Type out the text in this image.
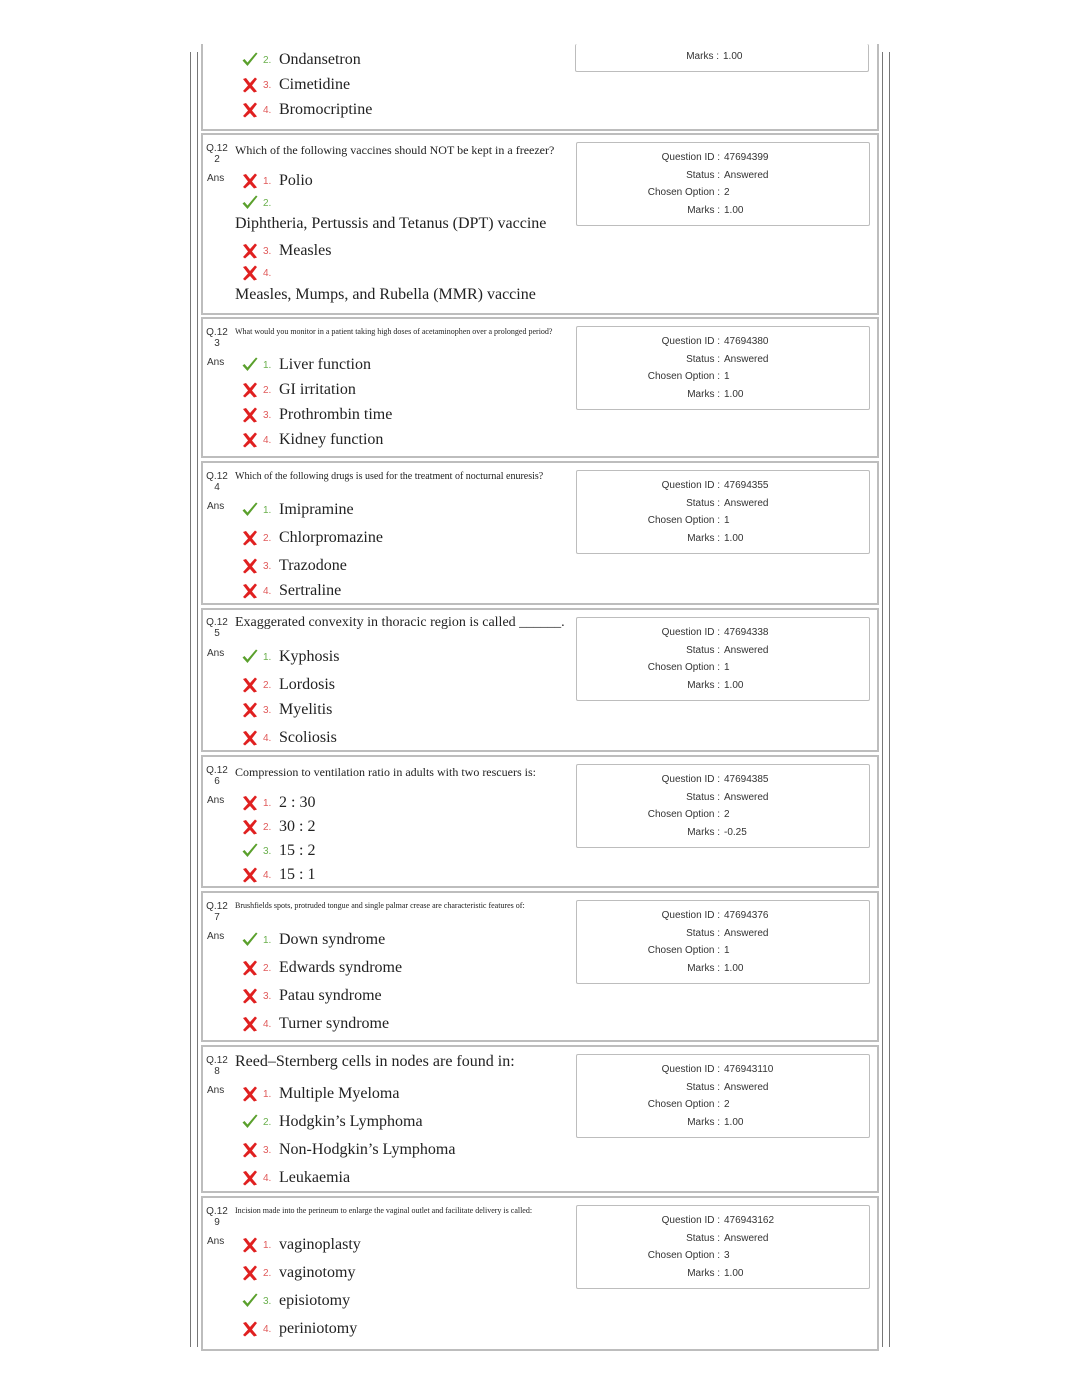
2. Ondansetron
3. Cimetidine
4. Bromocriptine
Marks : 1.00
Q.12
2
Ans
Which of the following vaccines should NOT be kept in a freezer?
1. Polio
2.
Diphtheria, Pertussis and Tetanus (DPT) vaccine
3. Measles
4.
Measles, Mumps, and Rubella (MMR) vaccine
Question ID : 47694399
Status : Answered
Chosen Option : 2
Marks : 1.00
Q.12
3
Ans
What would you monitor in a patient taking high doses of acetaminophen over a prolonged period?
1. Liver function
2. GI irritation
3. Prothrombin time
4. Kidney function
Question ID : 47694380
Status : Answered
Chosen Option : 1
Marks : 1.00
Q.12
4
Ans
Which of the following drugs is used for the treatment of nocturnal enuresis?
1. Imipramine
2. Chlorpromazine
3. Trazodone
4. Sertraline
Question ID : 47694355
Status : Answered
Chosen Option : 1
Marks : 1.00
Q.12
5
Ans
Exaggerated convexity in thoracic region is called ______.
1. Kyphosis
2. Lordosis
3. Myelitis
4. Scoliosis
Question ID : 47694338
Status : Answered
Chosen Option : 1
Marks : 1.00
Q.12
6
Ans
Compression to ventilation ratio in adults with two rescuers is:
1. 2 : 30
2. 30 : 2
3. 15 : 2
4. 15 : 1
Question ID : 47694385
Status : Answered
Chosen Option : 2
Marks : -0.25
Q.12
7
Ans
Brushfields spots, protruded tongue and single palmar crease are characteristic features of:
1. Down syndrome
2. Edwards syndrome
3. Patau syndrome
4. Turner syndrome
Question ID : 47694376
Status : Answered
Chosen Option : 1
Marks : 1.00
Q.12
8
Ans
Reed–Sternberg cells in nodes are found in:
1. Multiple Myeloma
2. Hodgkin’s Lymphoma
3. Non-Hodgkin’s Lymphoma
4. Leukaemia
Question ID : 476943110
Status : Answered
Chosen Option : 2
Marks : 1.00
Q.12
9
Ans
Incision made into the perineum to enlarge the vaginal outlet and facilitate delivery is called:
1. vaginoplasty
2. vaginotomy
3. episiotomy
4. periniotomy
Question ID : 476943162
Status : Answered
Chosen Option : 3
Marks : 1.00
